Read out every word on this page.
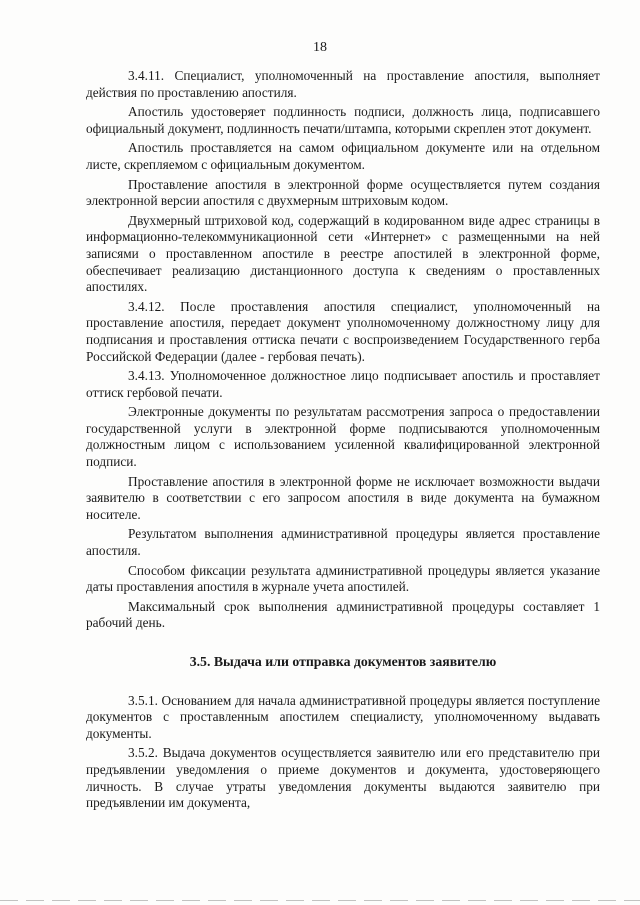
18

3.4.11. Специалист, уполномоченный на проставление апостиля, выполняет действия по проставлению апостиля.

Апостиль удостоверяет подлинность подписи, должность лица, подписавшего официальный документ, подлинность печати/штампа, которыми скреплен этот документ.

Апостиль проставляется на самом официальном документе или на отдельном листе, скрепляемом с официальным документом.

Проставление апостиля в электронной форме осуществляется путем создания электронной версии апостиля с двухмерным штриховым кодом.

Двухмерный штриховой код, содержащий в кодированном виде адрес страницы в информационно-телекоммуникационной сети «Интернет» с размещенными на ней записями о проставленном апостиле в реестре апостилей в электронной форме, обеспечивает реализацию дистанционного доступа к сведениям о проставленных апостилях.

3.4.12. После проставления апостиля специалист, уполномоченный на проставление апостиля, передает документ уполномоченному должностному лицу для подписания и проставления оттиска печати с воспроизведением Государственного герба Российской Федерации (далее - гербовая печать).

3.4.13. Уполномоченное должностное лицо подписывает апостиль и проставляет оттиск гербовой печати.

Электронные документы по результатам рассмотрения запроса о предоставлении государственной услуги в электронной форме подписываются уполномоченным должностным лицом с использованием усиленной квалифицированной электронной подписи.

Проставление апостиля в электронной форме не исключает возможности выдачи заявителю в соответствии с его запросом апостиля в виде документа на бумажном носителе.

Результатом выполнения административной процедуры является проставление апостиля.

Способом фиксации результата административной процедуры является указание даты проставления апостиля в журнале учета апостилей.

Максимальный срок выполнения административной процедуры составляет 1 рабочий день.

3.5. Выдача или отправка документов заявителю

3.5.1. Основанием для начала административной процедуры является поступление документов с проставленным апостилем специалисту, уполномоченному выдавать документы.

3.5.2. Выдача документов осуществляется заявителю или его представителю при предъявлении уведомления о приеме документов и документа, удостоверяющего личность. В случае утраты уведомления документы выдаются заявителю при предъявлении им документа,
